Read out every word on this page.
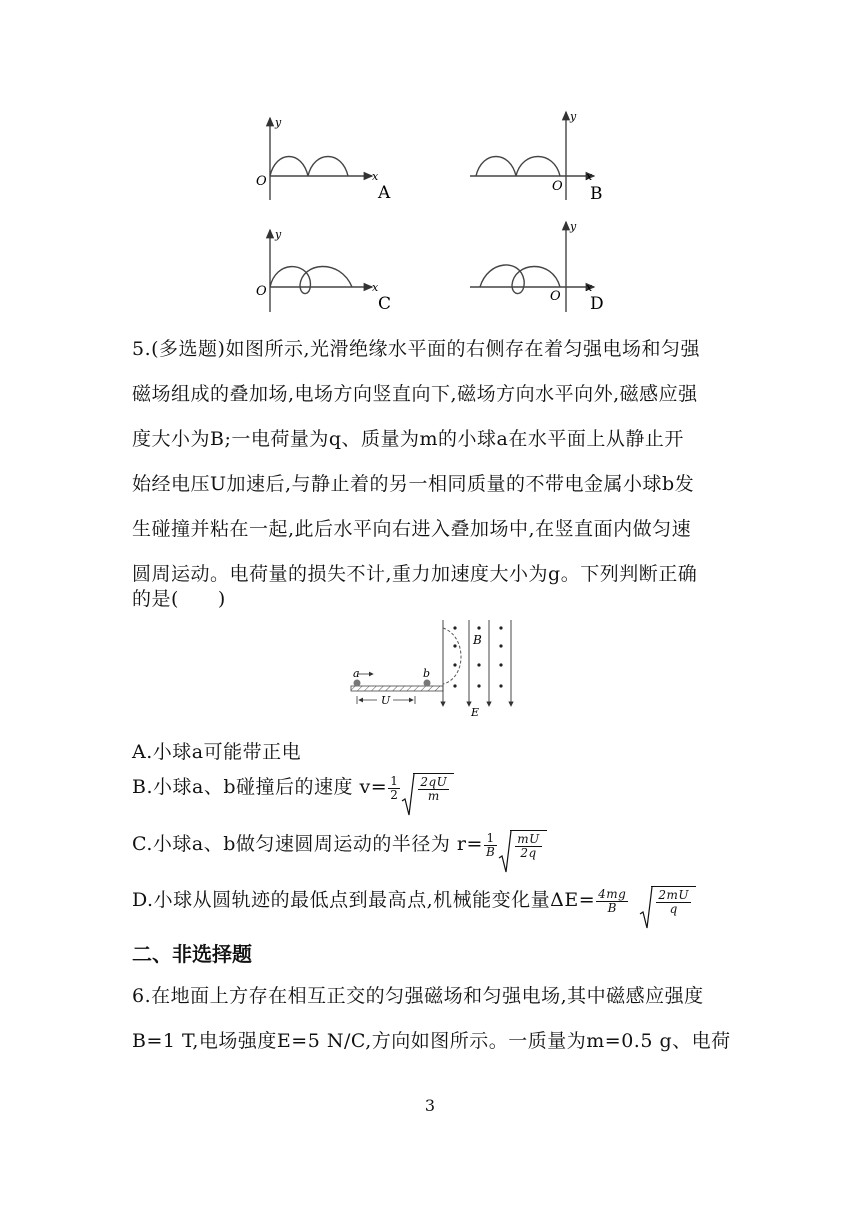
y
x
O
A
y
x
O B
y
x
O
C
y
x
O D
5.(多选题)如图所示,光滑绝缘水平面的右侧存在着匀强电场和匀强
磁场组成的叠加场,电场方向竖直向下,磁场方向水平向外,磁感应强
度大小为B;一电荷量为q、质量为m的小球a在水平面上从静止开
始经电压U加速后,与静止着的另一相同质量的不带电金属小球b发
生碰撞并粘在一起,此后水平向右进入叠加场中,在竖直面内做匀速
圆周运动。电荷量的损失不计,重力加速度大小为g。下列判断正确
的是(　　)
a	b
U
B
E
A.小球a可能带正电
B.小球a、b碰撞后的速度 $v= \frac{1}{2} \frac{2qU}{m}$
C.小球a、b做匀速圆周运动的半径为 $r= \frac{1}{B} \frac{mU}{2q}$
D.小球从圆轨迹的最低点到最高点,机械能变化量$\Delta E= \frac{4mg}{B} \frac{2mU}{q}$
二、非选择题
6.在地面上方存在相互正交的匀强磁场和匀强电场,其中磁感应强度
B=1 T,电场强度E=5 N/C,方向如图所示。一质量为m=0.5 g、电荷
3
